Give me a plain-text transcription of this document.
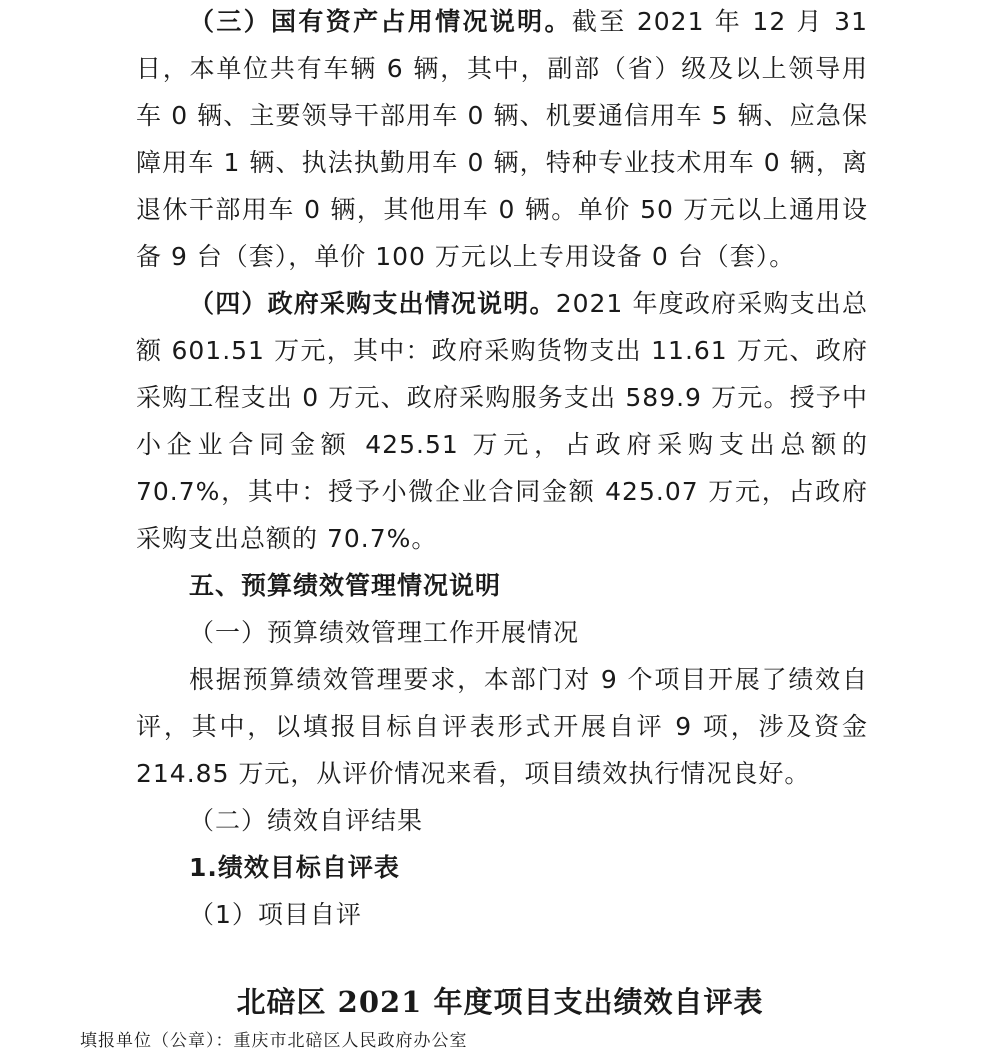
（三）国有资产占用情况说明。截至 2021 年 12 月 31 日，本单位共有车辆 6 辆，其中，副部（省）级及以上领导用车 0 辆、主要领导干部用车 0 辆、机要通信用车 5 辆、应急保障用车 1 辆、执法执勤用车 0 辆，特种专业技术用车 0 辆，离退休干部用车 0 辆，其他用车 0 辆。单价 50 万元以上通用设备 9 台（套），单价 100 万元以上专用设备 0 台（套）。

（四）政府采购支出情况说明。2021 年度政府采购支出总额 601.51 万元，其中：政府采购货物支出 11.61 万元、政府采购工程支出 0 万元、政府采购服务支出 589.9 万元。授予中小企业合同金额 425.51 万元，占政府采购支出总额的 70.7%，其中：授予小微企业合同金额 425.07 万元，占政府采购支出总额的 70.7%。

五、预算绩效管理情况说明

（一）预算绩效管理工作开展情况

根据预算绩效管理要求，本部门对 9 个项目开展了绩效自评，其中，以填报目标自评表形式开展自评 9 项，涉及资金 214.85 万元，从评价情况来看，项目绩效执行情况良好。

（二）绩效自评结果

1.绩效目标自评表

（1）项目自评

北碚区 2021 年度项目支出绩效自评表
填报单位（公章）：重庆市北碚区人民政府办公室
